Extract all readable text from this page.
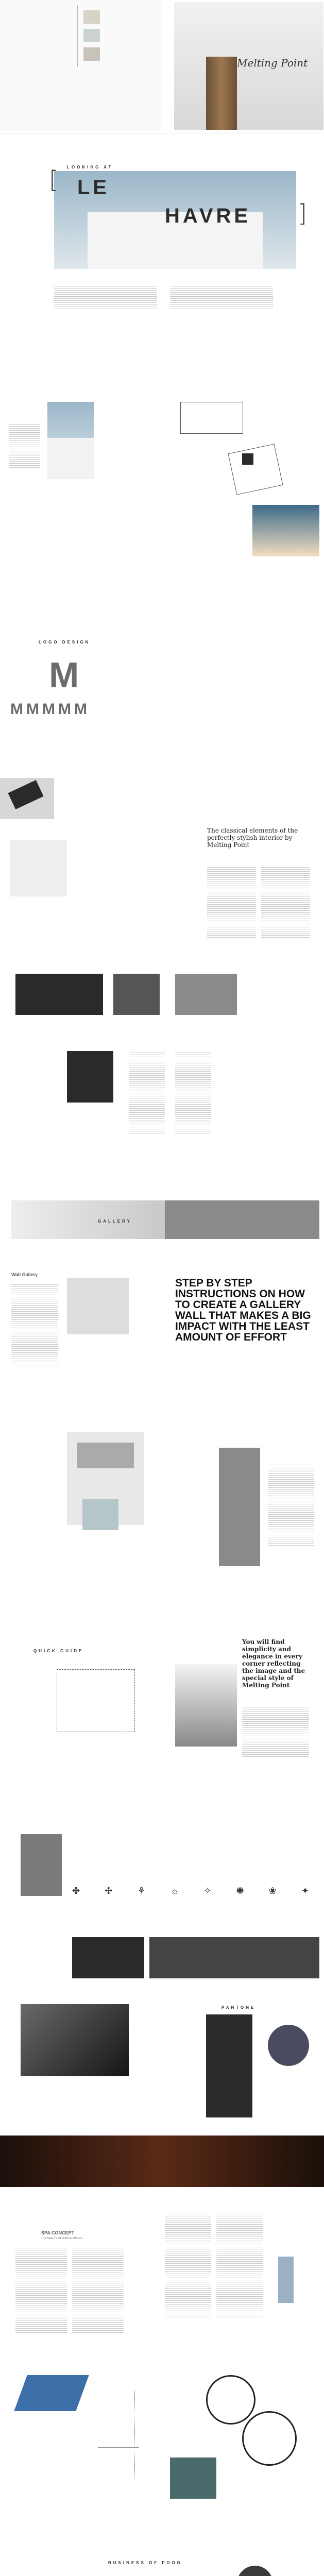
Melting Point
LOOKING AT
[ LE
HAVRE ]
LOGO DESIGN
M
MMMMM
The classical elements of the perfectly stylish interior by Melting Point
GALLERY
Wall Gallery
STEP BY STEP INSTRUCTIONS ON HOW TO CREATE A GALLERY WALL THAT MAKES A BIG IMPACT WITH THE LEAST AMOUNT OF EFFORT
QUICK GUIDE
You will find simplicity and elegance in every corner reflecting the image and the special style of Melting Point
✤	✣	⚘	☼	✧	✺	❀	✦
PANTONE
SPA CONCEPT
THE BEAUTY OF SIMPLE THINGS
BUSINESS OF FOOD
